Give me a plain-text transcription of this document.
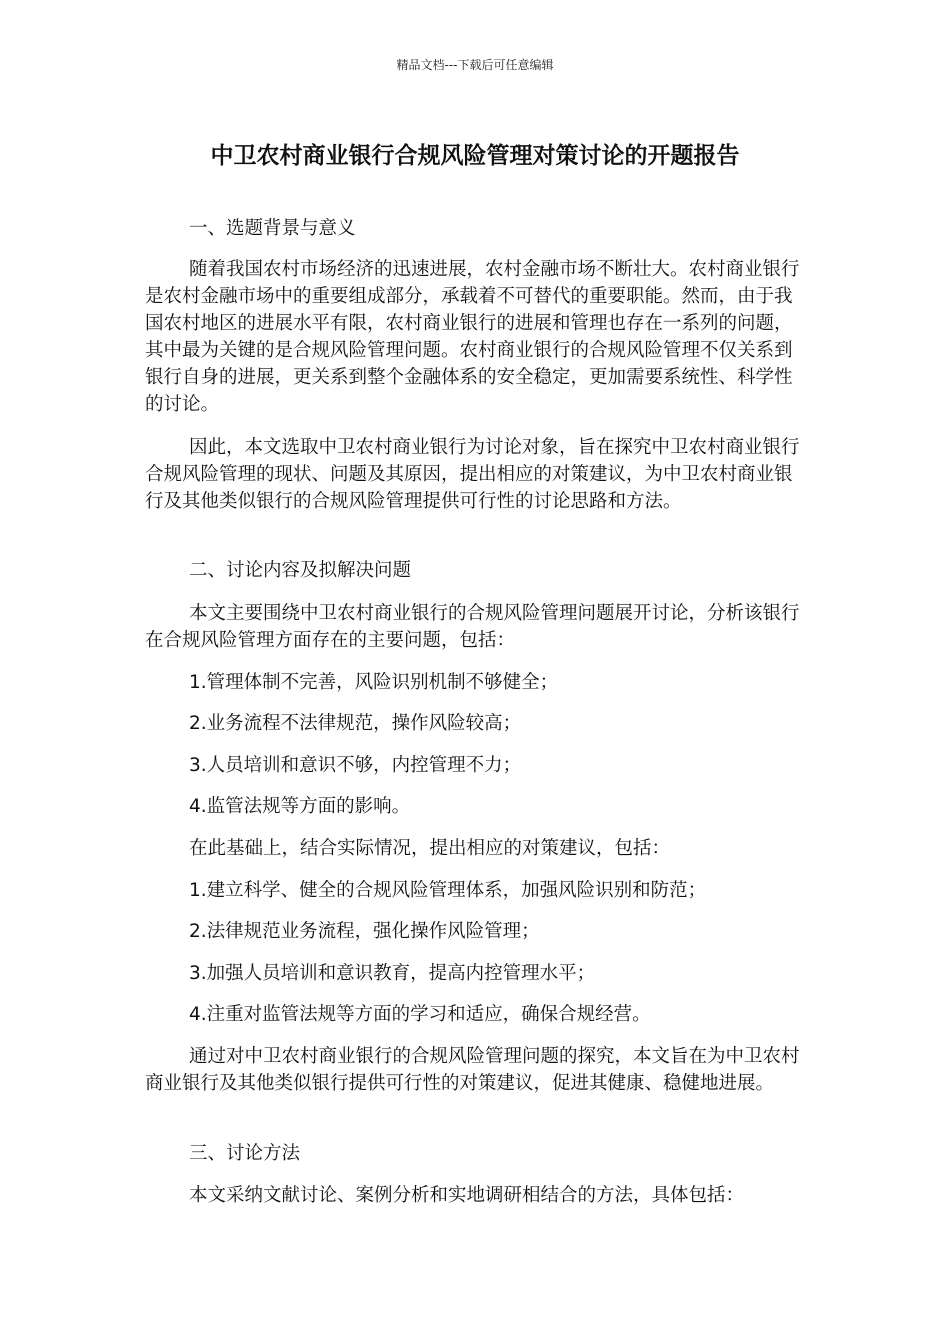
精品文档---下载后可任意编辑
中卫农村商业银行合规风险管理对策讨论的开题报告
一、选题背景与意义

随着我国农村市场经济的迅速进展，农村金融市场不断壮大。农村商业银行是农村金融市场中的重要组成部分，承载着不可替代的重要职能。然而，由于我国农村地区的进展水平有限，农村商业银行的进展和管理也存在一系列的问题，其中最为关键的是合规风险管理问题。农村商业银行的合规风险管理不仅关系到银行自身的进展，更关系到整个金融体系的安全稳定，更加需要系统性、科学性的讨论。

因此，本文选取中卫农村商业银行为讨论对象，旨在探究中卫农村商业银行合规风险管理的现状、问题及其原因，提出相应的对策建议，为中卫农村商业银行及其他类似银行的合规风险管理提供可行性的讨论思路和方法。

二、讨论内容及拟解决问题

本文主要围绕中卫农村商业银行的合规风险管理问题展开讨论，分析该银行在合规风险管理方面存在的主要问题，包括：

1.管理体制不完善，风险识别机制不够健全；
2.业务流程不法律规范，操作风险较高；
3.人员培训和意识不够，内控管理不力；
4.监管法规等方面的影响。
在此基础上，结合实际情况，提出相应的对策建议，包括：
1.建立科学、健全的合规风险管理体系，加强风险识别和防范；
2.法律规范业务流程，强化操作风险管理；
3.加强人员培训和意识教育，提高内控管理水平；
4.注重对监管法规等方面的学习和适应，确保合规经营。

通过对中卫农村商业银行的合规风险管理问题的探究，本文旨在为中卫农村商业银行及其他类似银行提供可行性的对策建议，促进其健康、稳健地进展。

三、讨论方法
本文采纳文献讨论、案例分析和实地调研相结合的方法，具体包括：
